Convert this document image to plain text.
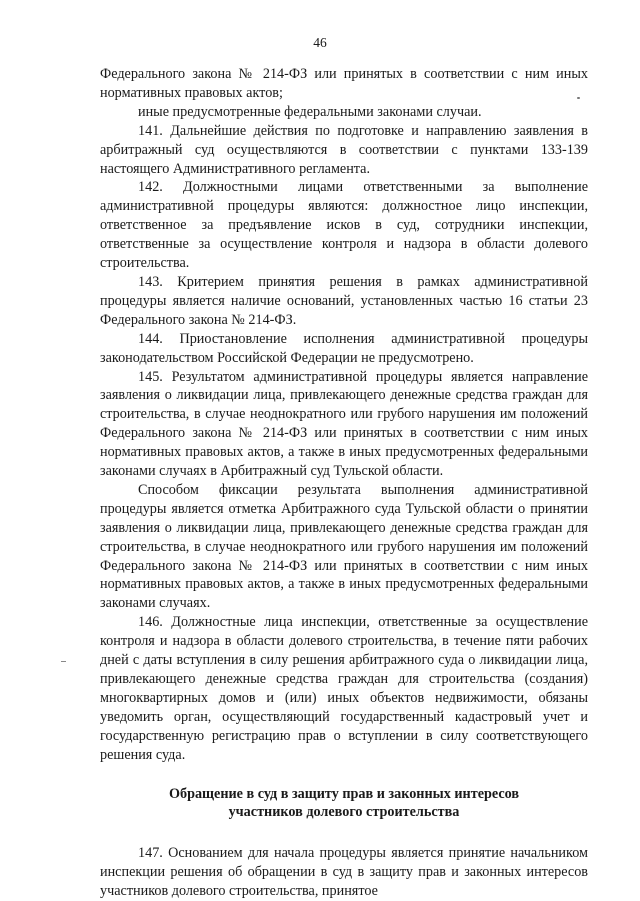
46

Федерального закона № 214-ФЗ или принятых в соответствии с ним иных нормативных правовых актов;

иные предусмотренные федеральными законами случаи.

141. Дальнейшие действия по подготовке и направлению заявления в арбитражный суд осуществляются в соответствии с пунктами 133-139 настоящего Административного регламента.

142. Должностными лицами ответственными за выполнение административной процедуры являются: должностное лицо инспекции, ответственное за предъявление исков в суд, сотрудники инспекции, ответственные за осуществление контроля и надзора в области долевого строительства.

143. Критерием принятия решения в рамках административной процедуры является наличие оснований, установленных частью 16 статьи 23 Федерального закона № 214-ФЗ.

144. Приостановление исполнения административной процедуры законодательством Российской Федерации не предусмотрено.

145. Результатом административной процедуры является направление заявления о ликвидации лица, привлекающего денежные средства граждан для строительства, в случае неоднократного или грубого нарушения им положений Федерального закона № 214-ФЗ или принятых в соответствии с ним иных нормативных правовых актов, а также в иных предусмотренных федеральными законами случаях в Арбитражный суд Тульской области.

Способом фиксации результата выполнения административной процедуры является отметка Арбитражного суда Тульской области о принятии заявления о ликвидации лица, привлекающего денежные средства граждан для строительства, в случае неоднократного или грубого нарушения им положений Федерального закона № 214-ФЗ или принятых в соответствии с ним иных нормативных правовых актов, а также в иных предусмотренных федеральными законами случаях.

146. Должностные лица инспекции, ответственные за осуществление контроля и надзора в области долевого строительства, в течение пяти рабочих дней с даты вступления в силу решения арбитражного суда о ликвидации лица, привлекающего денежные средства граждан для строительства (создания) многоквартирных домов и (или) иных объектов недвижимости, обязаны уведомить орган, осуществляющий государственный кадастровый учет и государственную регистрацию прав о вступлении в силу соответствующего решения суда.

Обращение в суд в защиту прав и законных интересов
участников долевого строительства

147. Основанием для начала процедуры является принятие начальником инспекции решения об обращении в суд в защиту прав и законных интересов участников долевого строительства, принятое
